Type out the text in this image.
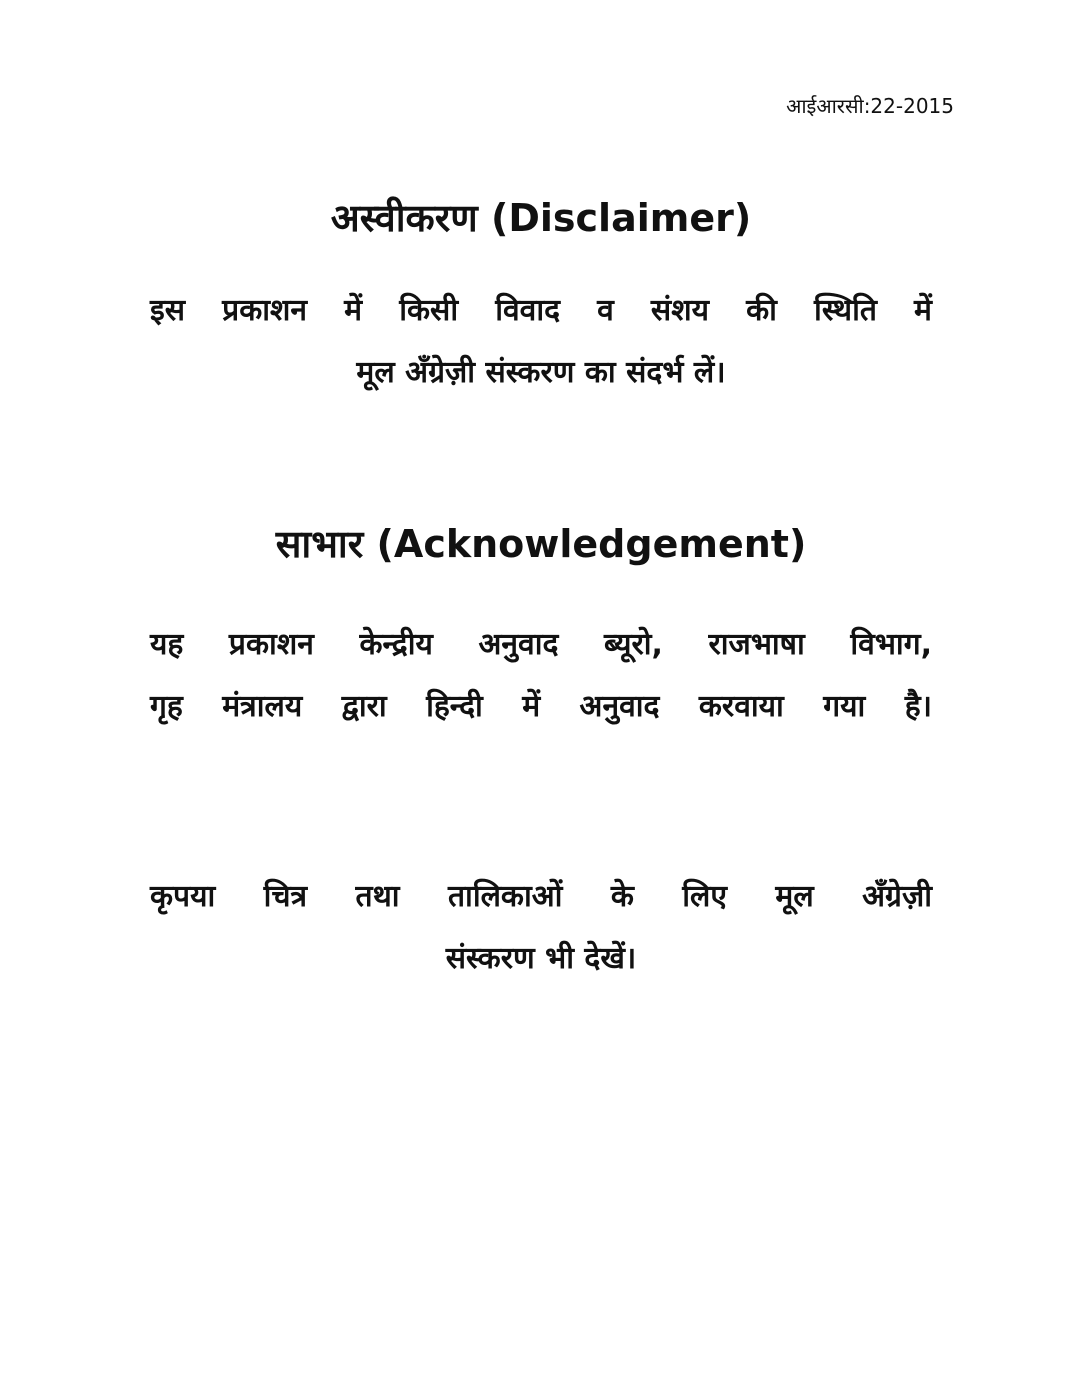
आईआरसी:22-2015
अस्वीकरण (Disclaimer)
इस प्रकाशन में किसी विवाद व संशय की स्थिति में
मूल अँग्रेज़ी संस्करण का संदर्भ लें।
साभार (Acknowledgement)
यह प्रकाशन केन्द्रीय अनुवाद ब्यूरो, राजभाषा विभाग,
गृह मंत्रालय द्वारा हिन्दी में अनुवाद करवाया गया है।
कृपया चित्र तथा तालिकाओं के लिए मूल अँग्रेज़ी
संस्करण भी देखें।
